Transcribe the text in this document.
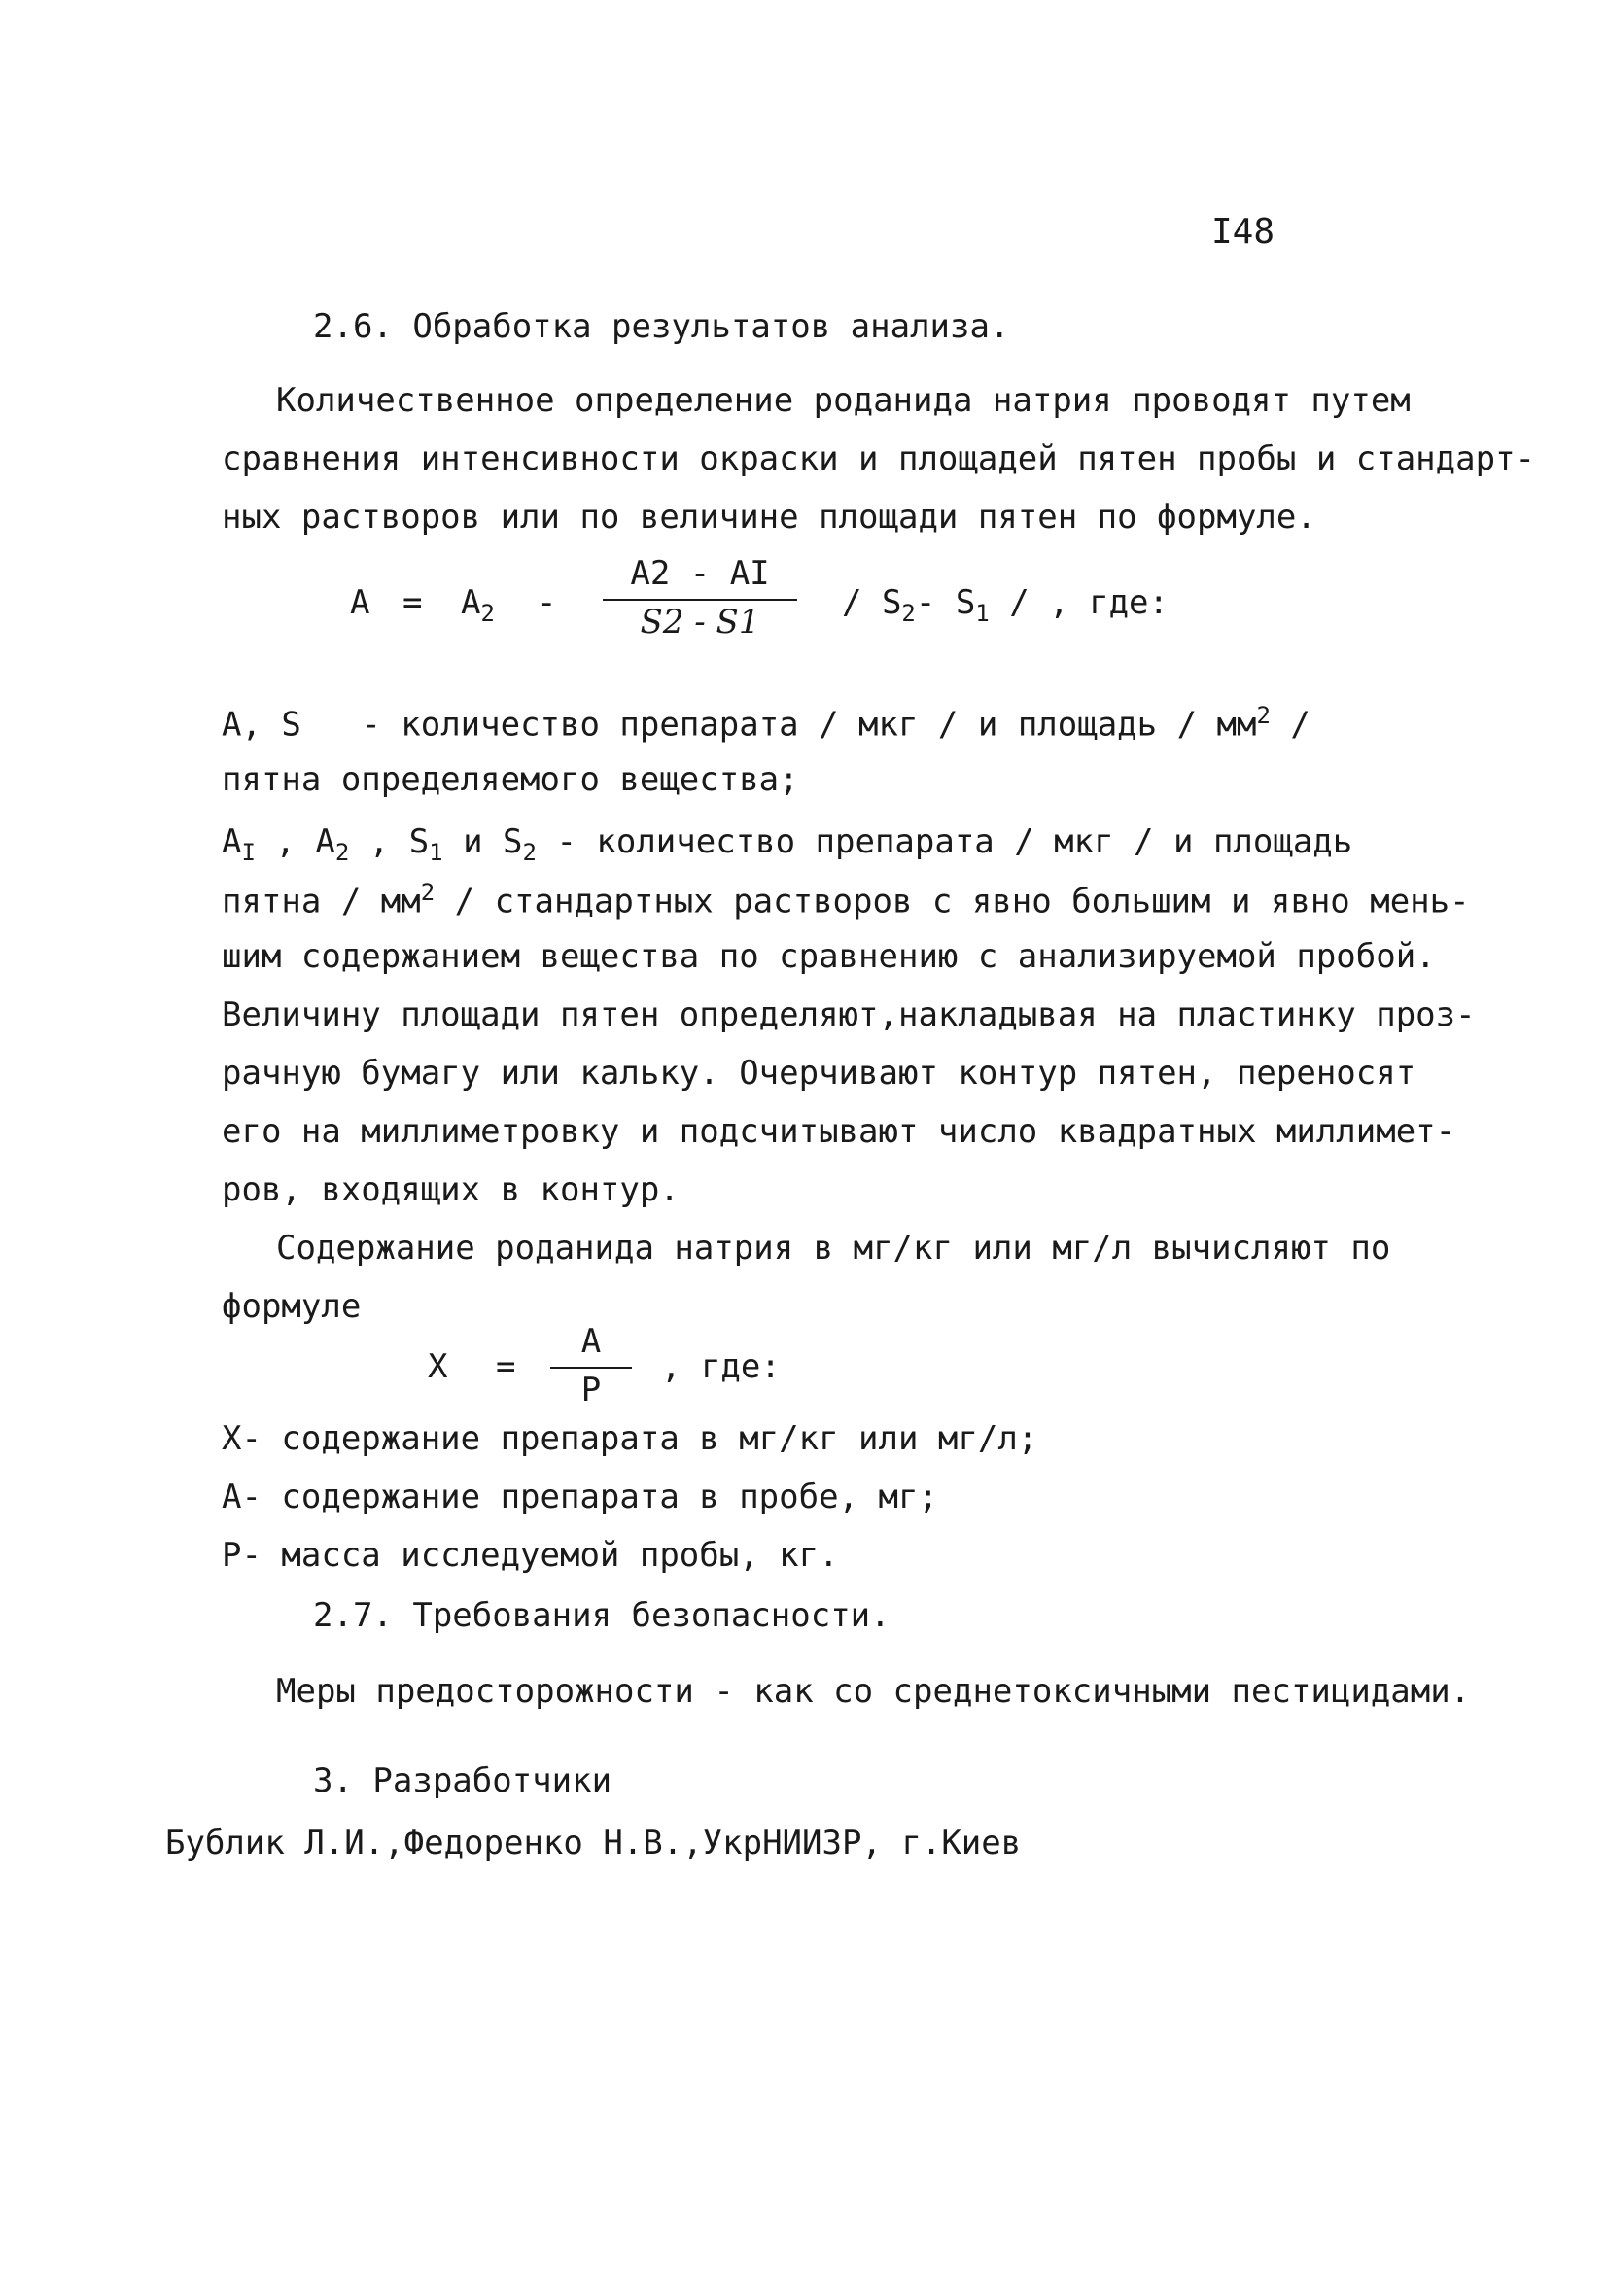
I48
2.6. Обработка результатов анализа.
Количественное определение роданида натрия проводят путем
сравнения интенсивности окраски и площадей пятен пробы и стандарт-
ных растворов или по величине площади пятен по формуле.
$A = A_2$ -
A2 - AI
S2 - S1	/ $S_2-$ $S_1$ / , где:
A, S - количество препарата / мкг / и площадь / $мм^2$ /
пятна определяемого вещества;
$A_I$ , $A_2$ , $S_1$ и $S_2$ - количество препарата / мкг / и площадь
пятна / $мм^2$ / стандартных растворов с явно большим и явно мень-
шим содержанием вещества по сравнению с анализируемой пробой.
Величину площади пятен определяют,накладывая на пластинку проз-
рачную бумагу или кальку. Очерчивают контур пятен, переносят
его на миллиметровку и подсчитывают число квадратных миллимет-
ров, входящих в контур.
Содержание роданида натрия в мг/кг или мг/л вычисляют по
формуле
X =
A
P
, где:
X- содержание препарата в мг/кг или мг/л;
A- содержание препарата в пробе, мг;
P- масса исследуемой пробы, кг.
2.7. Требования безопасности.
Меры предосторожности - как со среднетоксичными пестицидами.
3. Разработчики
Бублик Л.И.,Федоренко Н.В.,УкрНИИЗР, г.Киев
